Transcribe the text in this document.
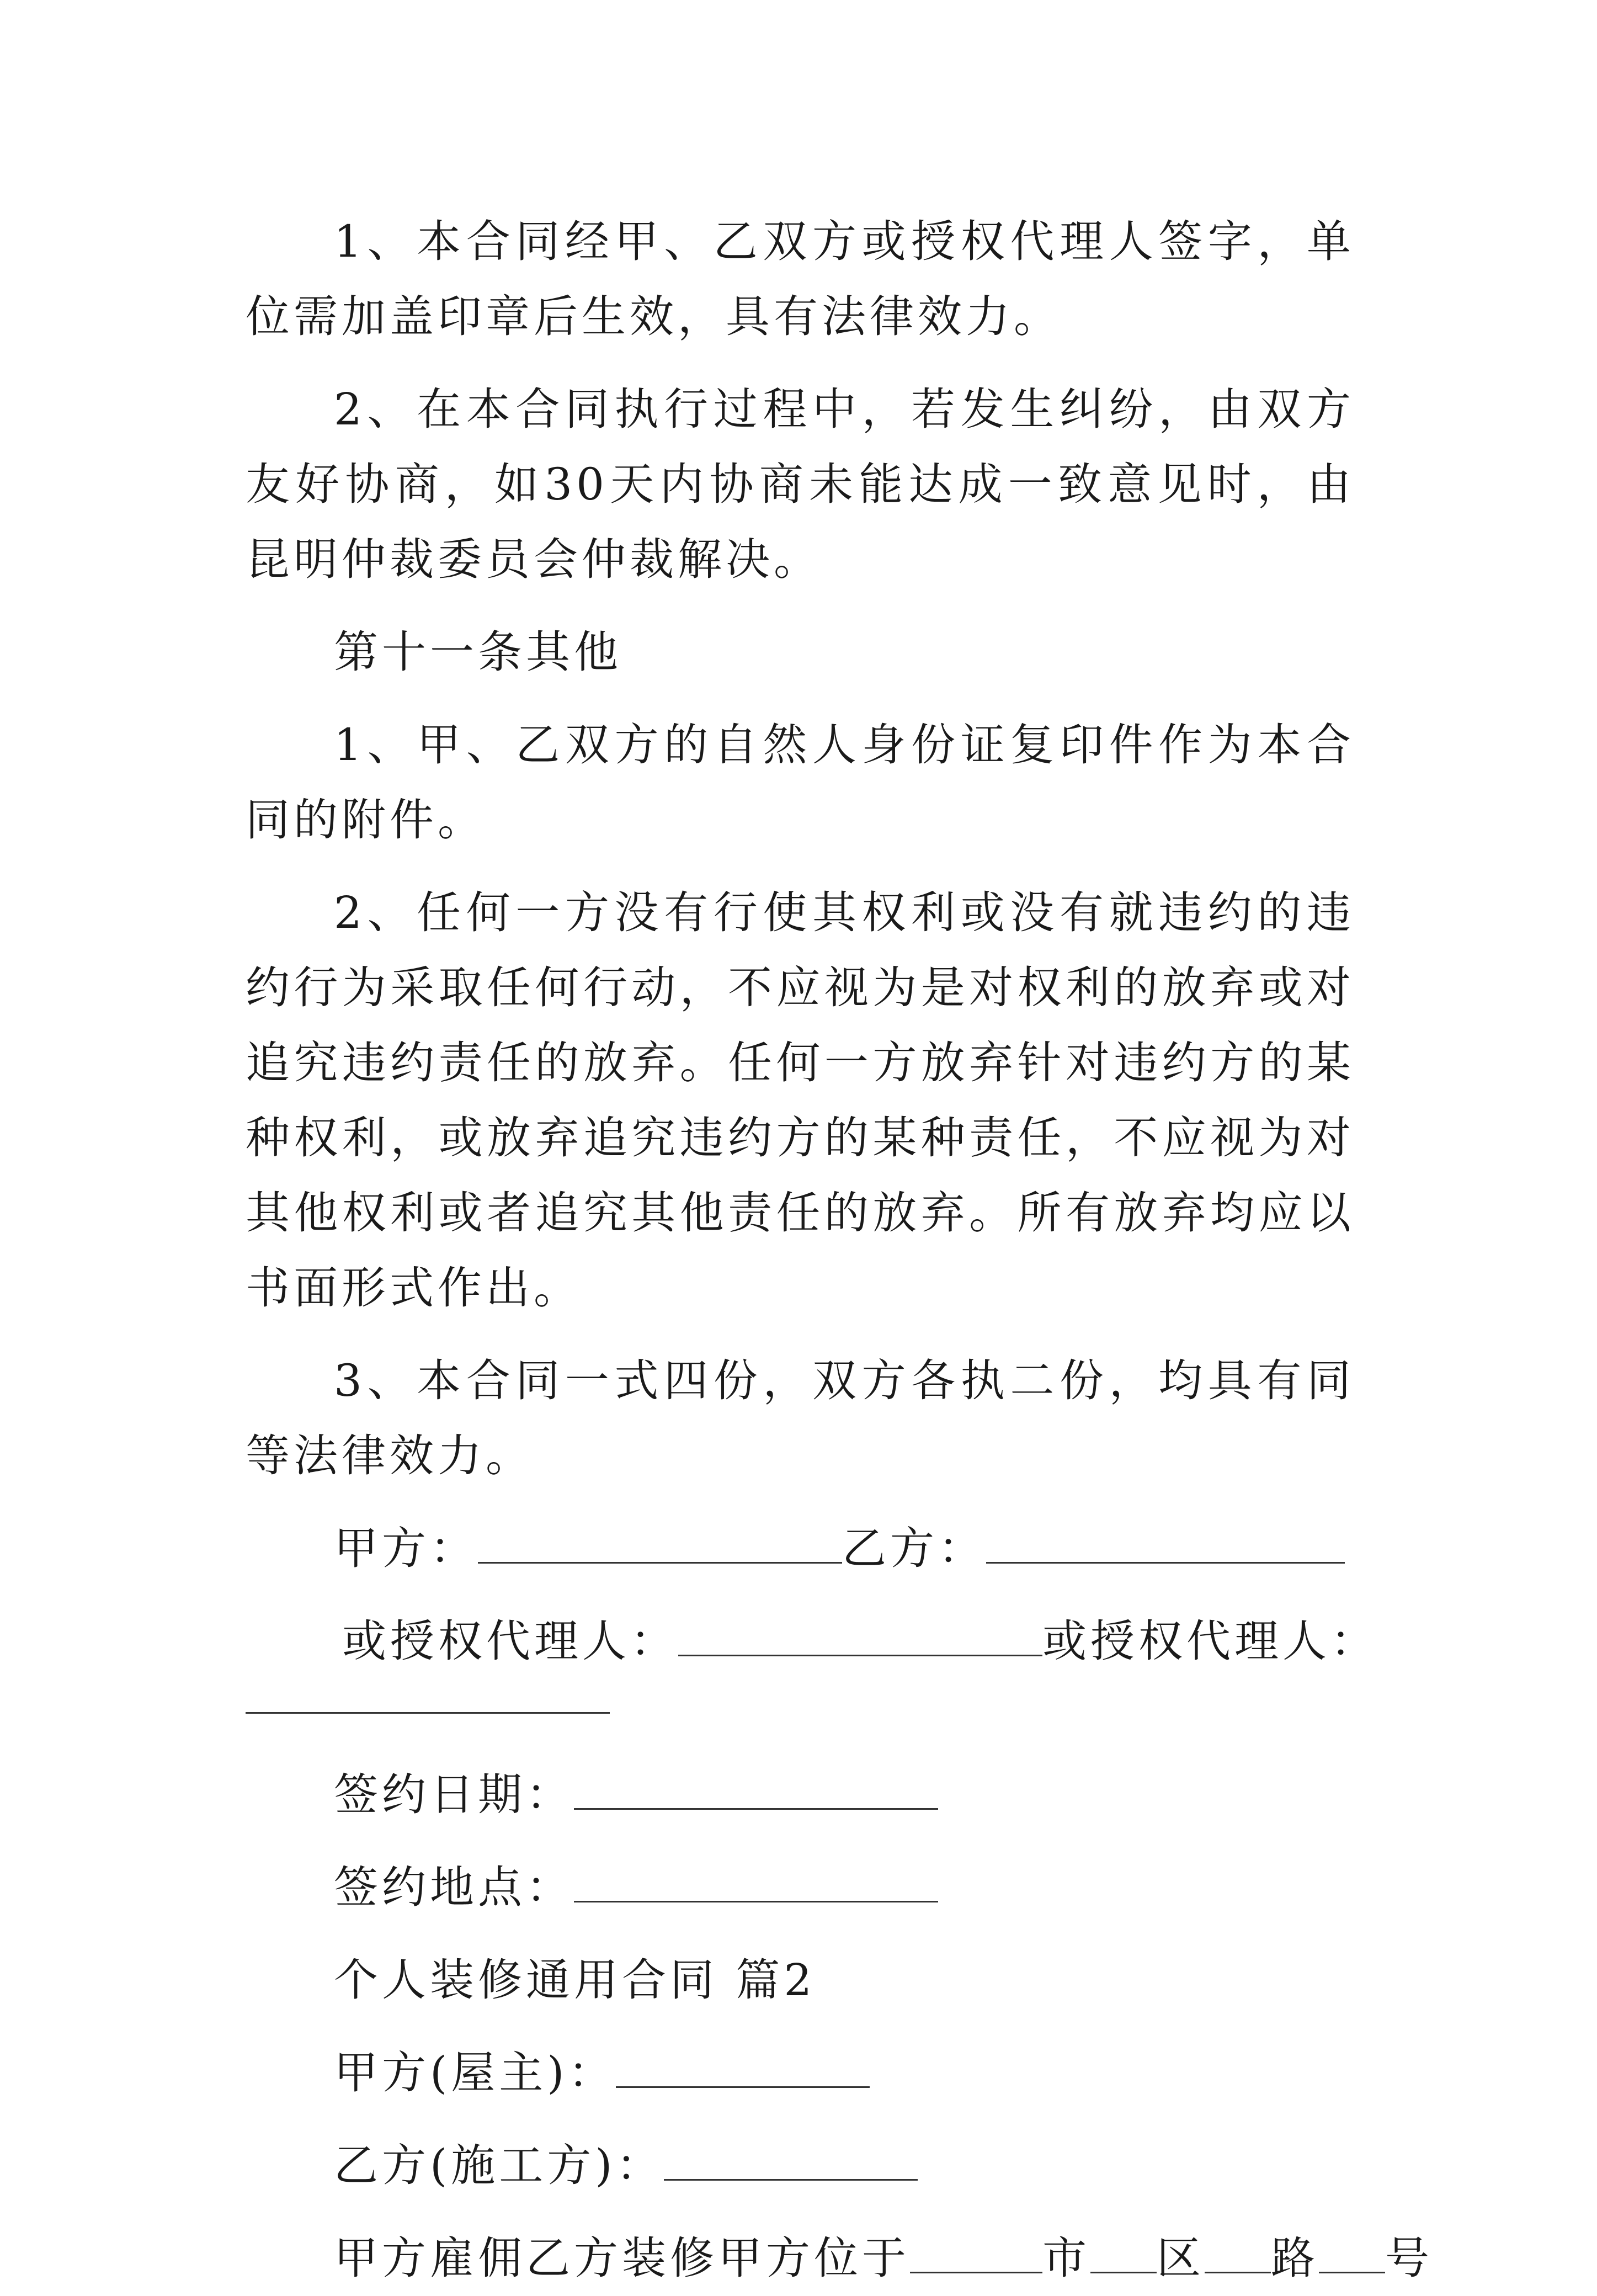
1、本合同经甲、乙双方或授权代理人签字，单位需加盖印章后生效，具有法律效力。

2、在本合同执行过程中，若发生纠纷，由双方友好协商，如30天内协商未能达成一致意见时，由昆明仲裁委员会仲裁解决。

第十一条其他

1、甲、乙双方的自然人身份证复印件作为本合同的附件。

2、任何一方没有行使其权利或没有就违约的违约行为采取任何行动，不应视为是对权利的放弃或对追究违约责任的放弃。任何一方放弃针对违约方的某种权利，或放弃追究违约方的某种责任，不应视为对其他权利或者追究其他责任的放弃。所有放弃均应以书面形式作出。

3、本合同一式四份，双方各执二份，均具有同等法律效力。

甲方：	乙方：

或授权代理人：	或授权代理人：

签约日期：

签约地点：

个人装修通用合同 篇2

甲方(屋主)：

乙方(施工方)：

甲方雇佣乙方装修甲方位于	市 区 路 号
